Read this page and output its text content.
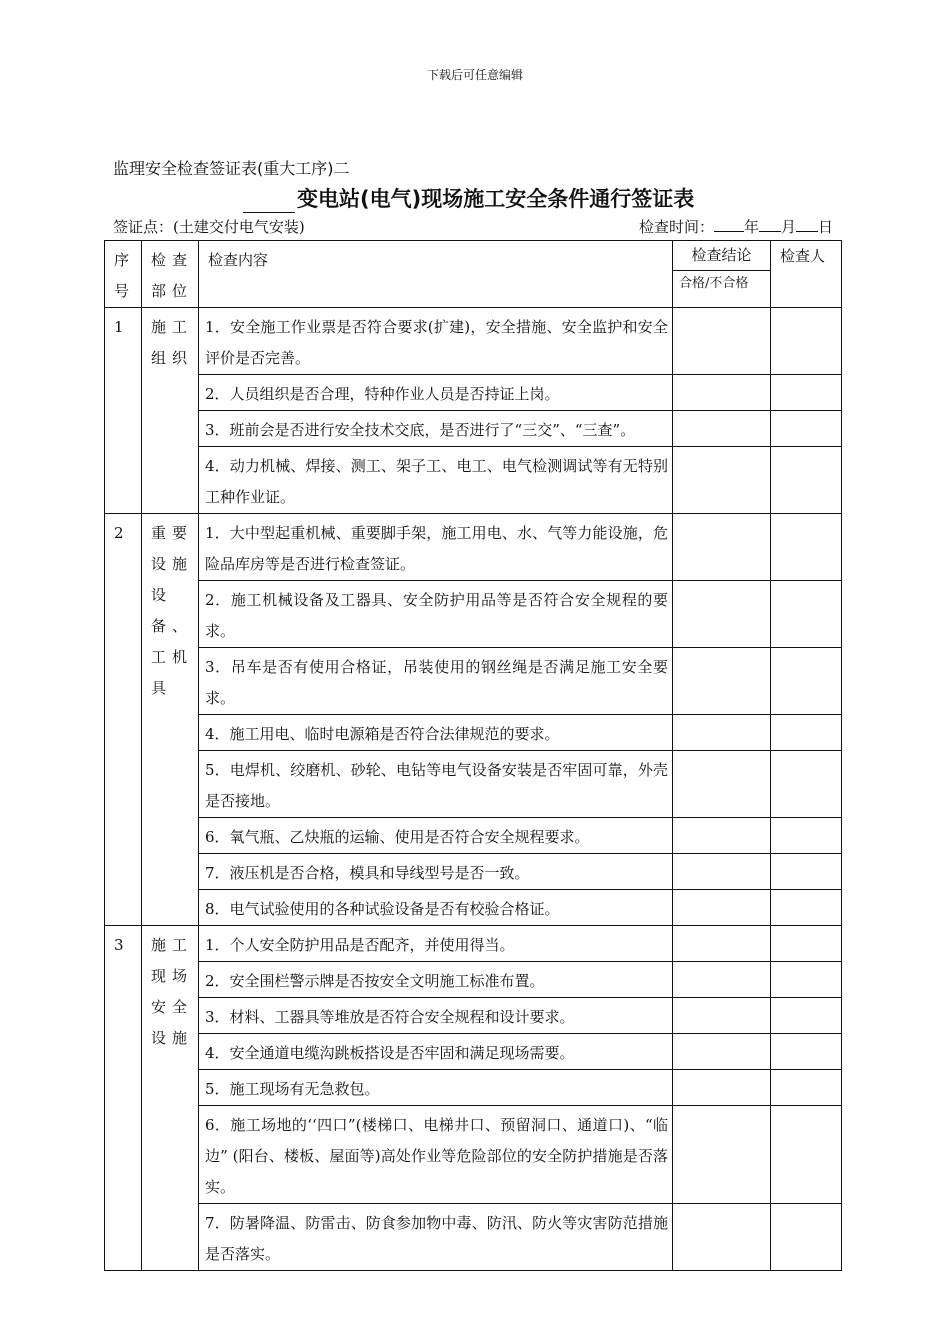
下载后可任意编辑
监理安全检查签证表(重大工序)二
变电站(电气)现场施工安全条件通行签证表
签证点：(土建交付电气安装)	检查时间： 年 月 日
序号	检查部位	检查内容	检查结论	检查人
			合格/不合格	
1	施工组织	1．安全施工作业票是否符合要求(扩建)，安全措施、安全监护和安全评价是否完善。		
		2．人员组织是否合理，特种作业人员是否持证上岗。		
		3．班前会是否进行安全技术交底，是否进行了“三交”、“三查”。		
		4．动力机械、焊接、测工、架子工、电工、电气检测调试等有无特别工种作业证。		
2	重要设施设备、工机具	1．大中型起重机械、重要脚手架，施工用电、水、气等力能设施，危险品库房等是否进行检查签证。		
		2．施工机械设备及工器具、安全防护用品等是否符合安全规程的要求。		
		3．吊车是否有使用合格证，吊装使用的钢丝绳是否满足施工安全要求。		
		4．施工用电、临时电源箱是否符合法律规范的要求。		
		5．电焊机、绞磨机、砂轮、电钻等电气设备安装是否牢固可靠，外壳 是否接地。		
		6．氧气瓶、乙炔瓶的运输、使用是否符合安全规程要求。		
		7．液压机是否合格，模具和导线型号是否一致。		
		8．电气试验使用的各种试验设备是否有校验合格证。		
3	施工现场安全设施	1．个人安全防护用品是否配齐，并使用得当。		
		2．安全围栏警示牌是否按安全文明施工标准布置。		
		3．材料、工器具等堆放是否符合安全规程和设计要求。		
		4．安全通道电缆沟跳板搭设是否牢固和满足现场需要。		
		5．施工现场有无急救包。		
		6．施工场地的‘‘四口”(楼梯口、电梯井口、预留洞口、通道口)、“临边” (阳台、楼板、屋面等)高处作业等危险部位的安全防护措施是否落实。		
		7．防暑降温、防雷击、防食参加物中毒、防汛、防火等灾害防范措施是否落实。		
